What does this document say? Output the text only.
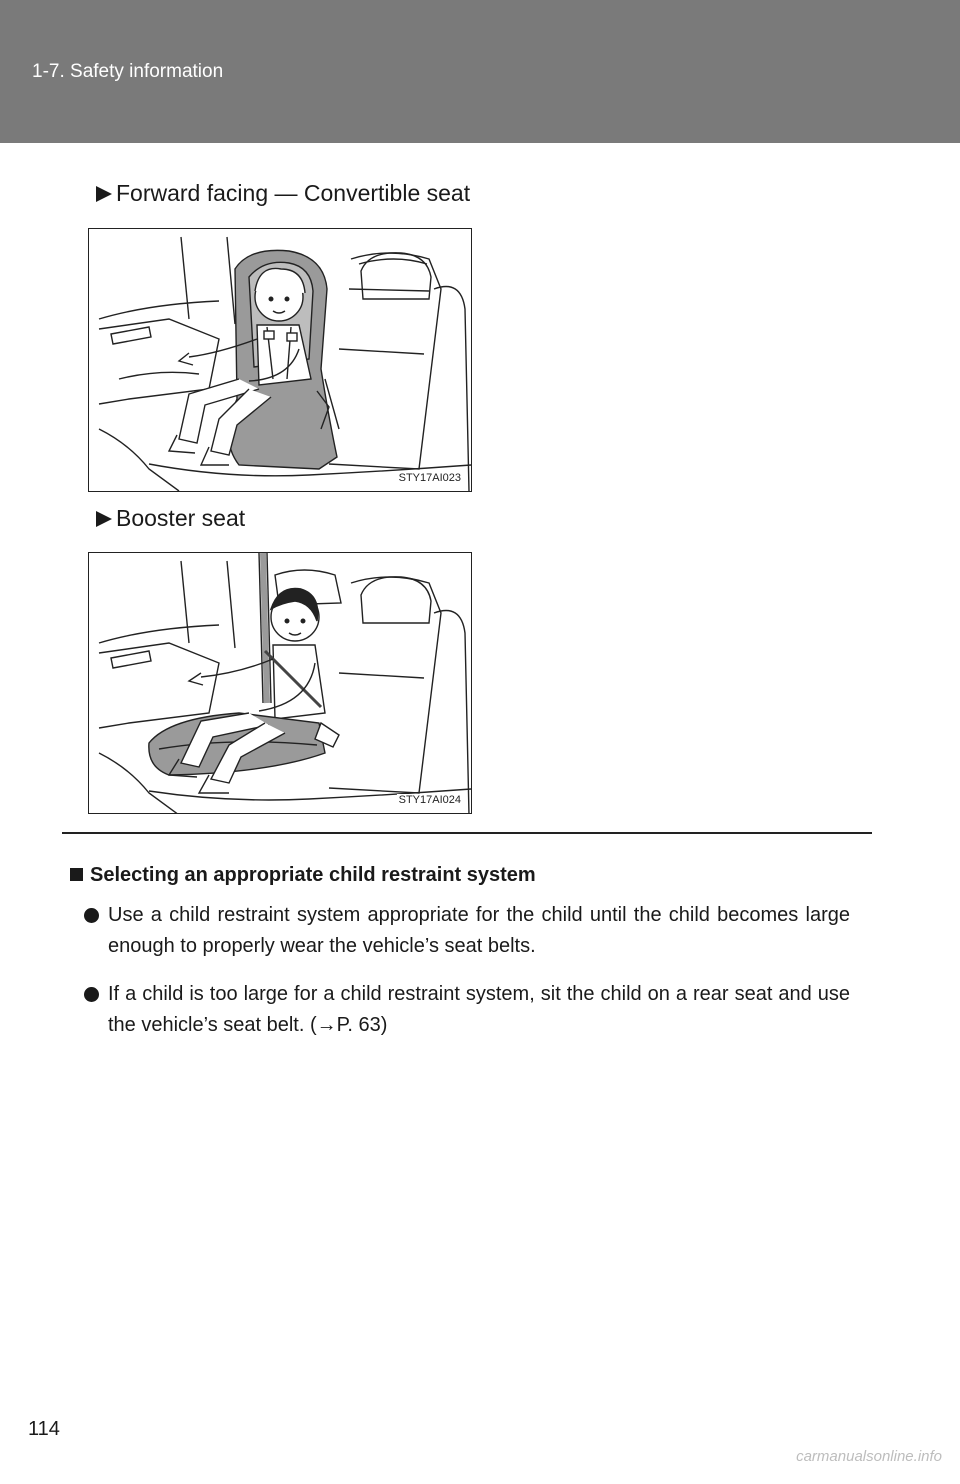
1-7. Safety information
Forward facing — Convertible seat
STY17AI023
Booster seat
STY17AI024
Selecting an appropriate child restraint system
Use a child restraint system appropriate for the child until the child becomes large enough to properly wear the vehicle’s seat belts.
If a child is too large for a child restraint system, sit the child on a rear seat and use the vehicle’s seat belt. (→P. 63)
114
carmanualsonline.info
